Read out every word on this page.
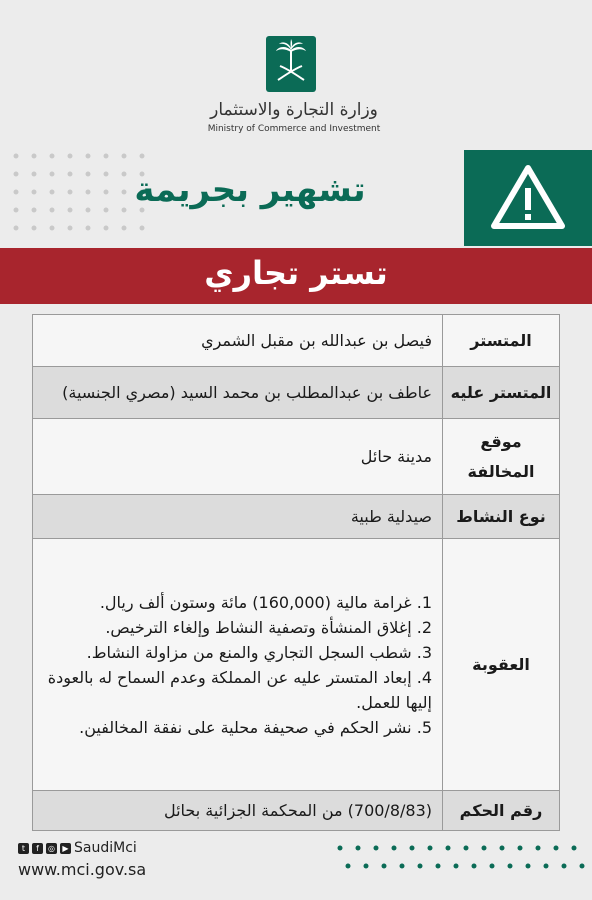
وزارة التجارة والاستثمار
Ministry of Commerce and Investment
تشهير بجريمة
تستر تجاري
المتستر	فيصل بن عبدالله بن مقبل الشمري
المتستر عليه	عاطف بن عبدالمطلب بن محمد السيد (مصري الجنسية)
موقع المخالفة	مدينة حائل
نوع النشاط	صيدلية طبية
العقوبة	1. غرامة مالية (160,000) مائة وستون ألف ريال.
2. إغلاق المنشأة وتصفية النشاط وإلغاء الترخيص.
3. شطب السجل التجاري والمنع من مزاولة النشاط.
4. إبعاد المتستر عليه عن المملكة وعدم السماح له بالعودة إليها للعمل.
5. نشر الحكم في صحيفة محلية على نفقة المخالفين.

رقم الحكم	(700/8/83) من المحكمة الجزائية بحائل
t	f	◎ ▶ SaudiMci
www.mci.gov.sa
